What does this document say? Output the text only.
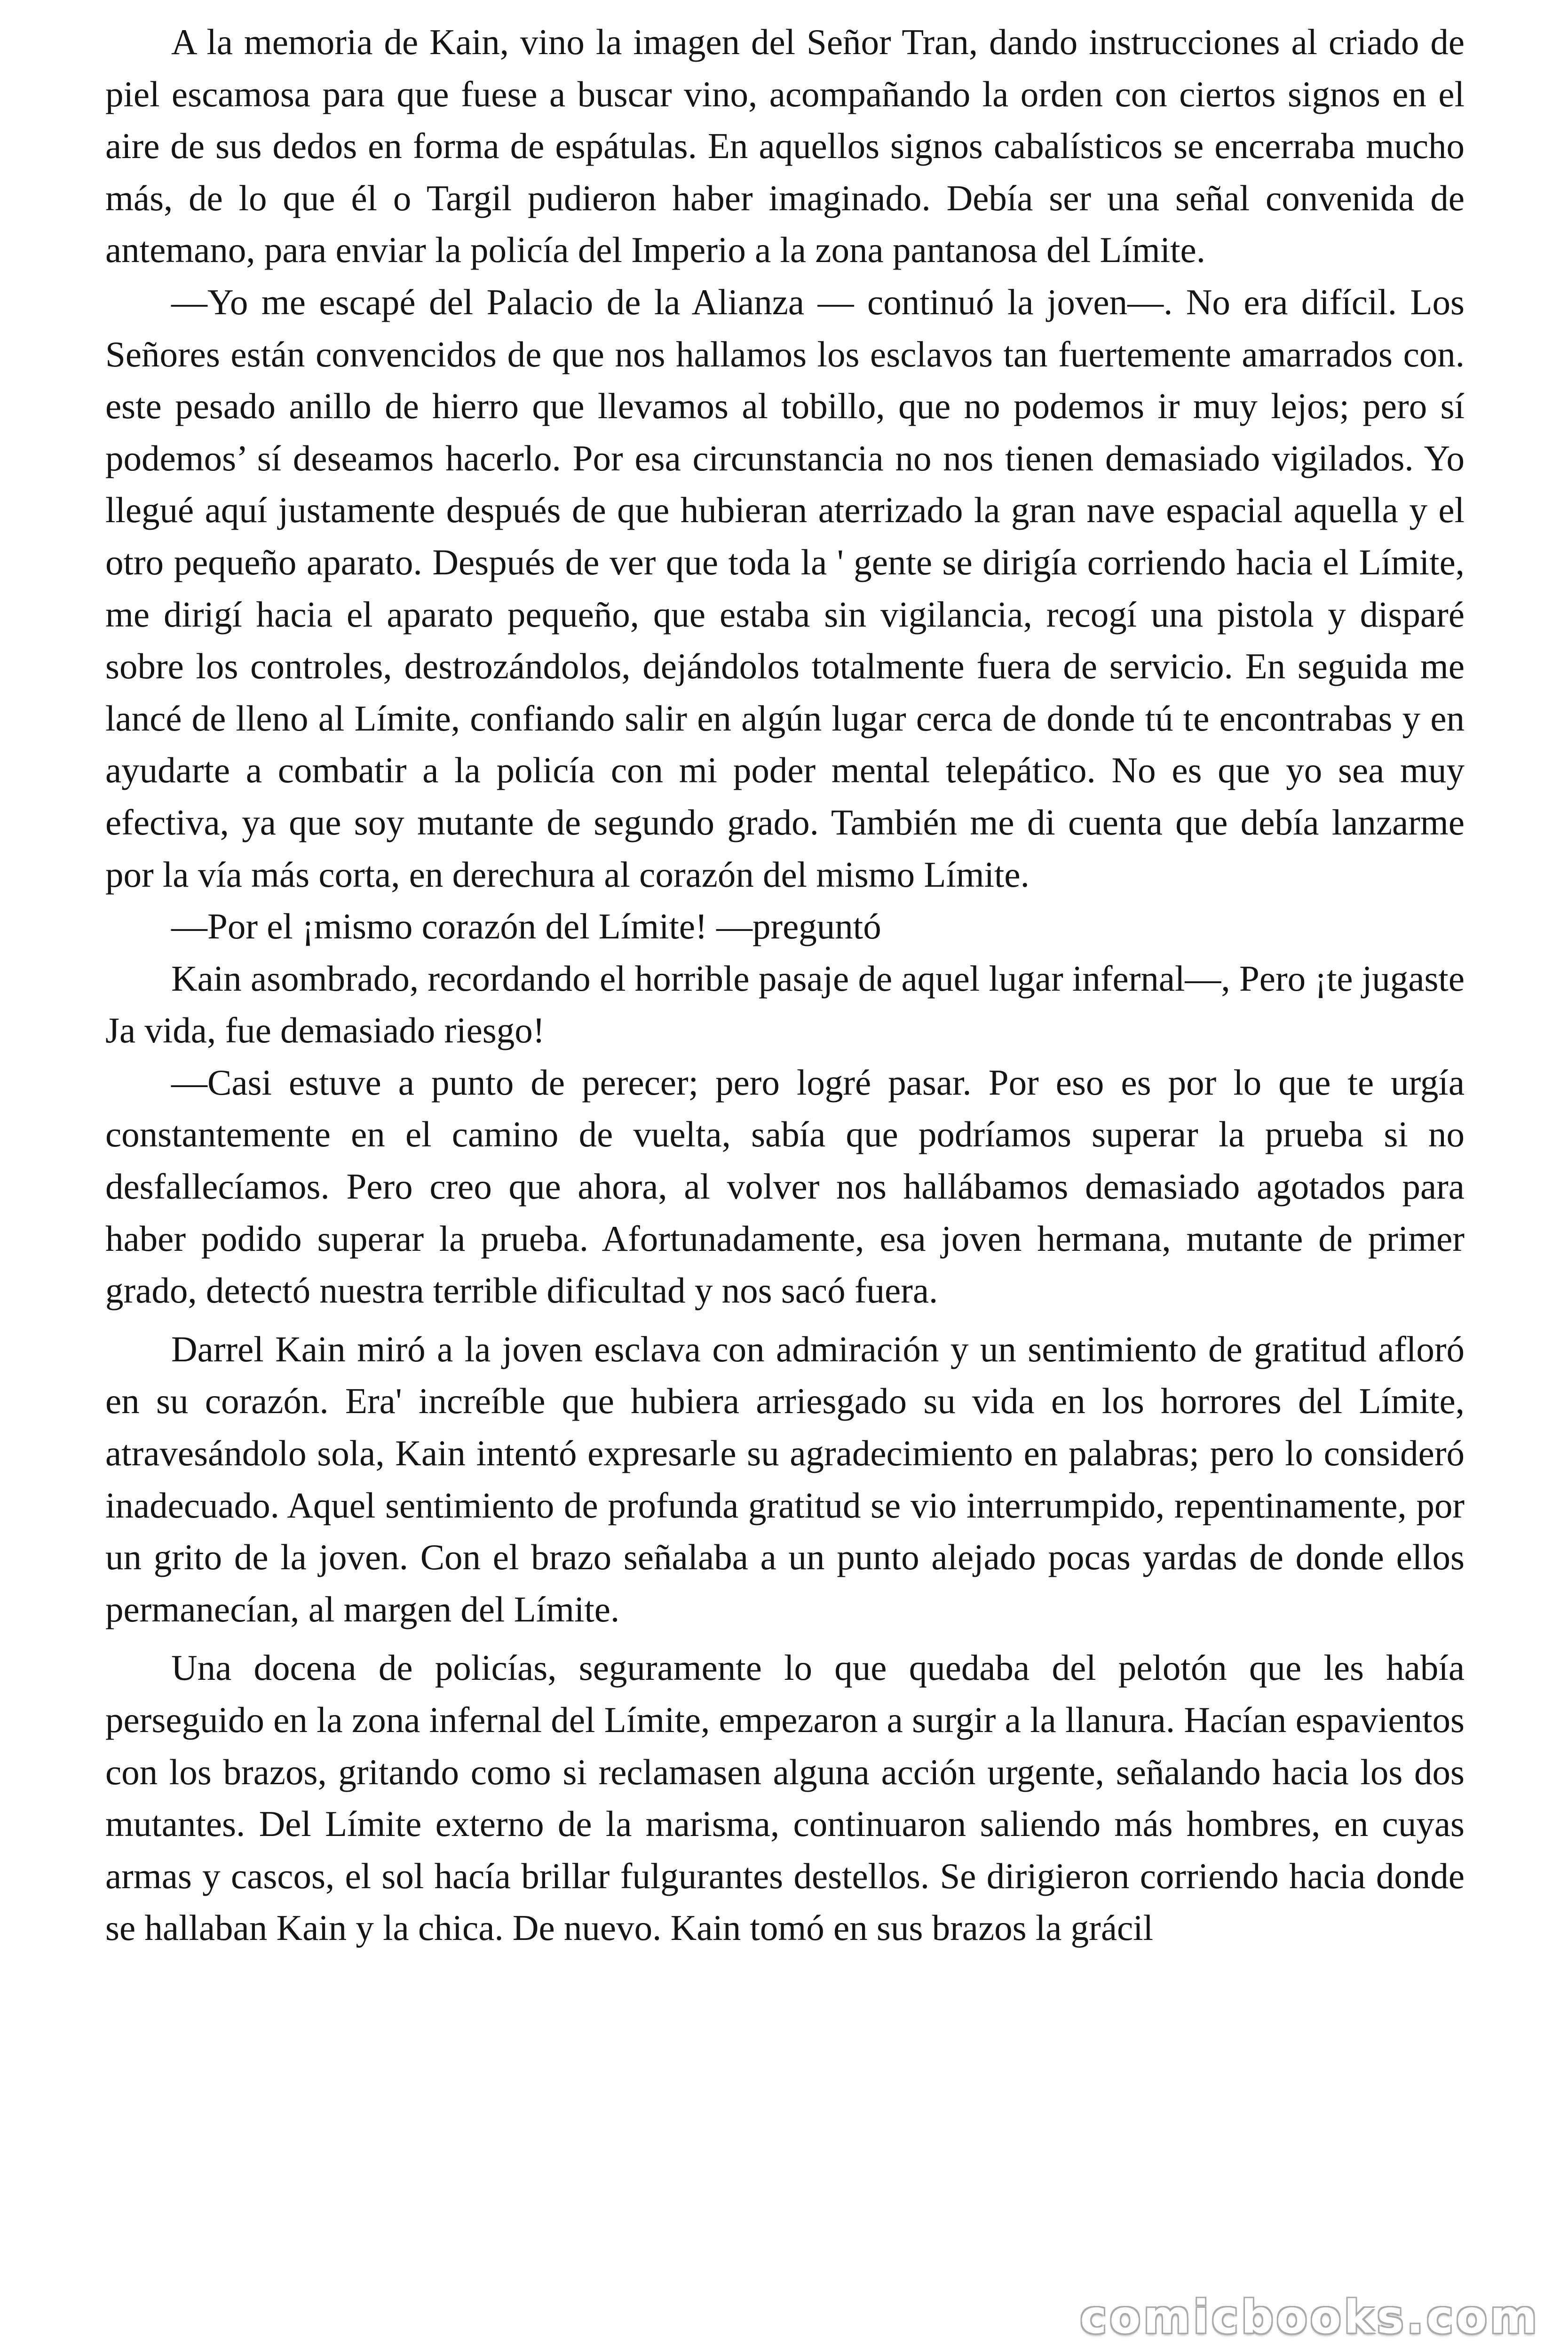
A la memoria de Kain, vino la imagen del Señor Tran, dando instrucciones al criado de piel escamosa para que fuese a buscar vino, acompañando la orden con ciertos signos en el aire de sus dedos en forma de espátulas. En aquellos signos cabalísticos se encerraba mucho más, de lo que él o Targil pudieron haber imaginado. Debía ser una señal convenida de antemano, para enviar la policía del Imperio a la zona pantanosa del Límite.

—Yo me escapé del Palacio de la Alianza — continuó la joven—. No era difícil. Los Señores están convencidos de que nos hallamos los esclavos tan fuertemente amarrados con. este pesado anillo de hierro que llevamos al tobillo, que no podemos ir muy lejos; pero sí podemos’ sí deseamos hacerlo. Por esa circunstancia no nos tienen demasiado vigilados. Yo llegué aquí justamente después de que hubieran aterrizado la gran nave espacial aquella y el otro pequeño aparato. Después de ver que toda la ' gente se dirigía corriendo hacia el Límite, me dirigí hacia el aparato pequeño, que estaba sin vigilancia, recogí una pistola y disparé sobre los controles, destrozándolos, dejándolos totalmente fuera de servicio. En seguida me lancé de lleno al Límite, confiando salir en algún lugar cerca de donde tú te encontrabas y en ayudarte a combatir a la policía con mi poder mental telepático. No es que yo sea muy efectiva, ya que soy mutante de segundo grado. También me di cuenta que debía lanzarme por la vía más corta, en derechura al corazón del mismo Límite.

—Por el ¡mismo corazón del Límite! —preguntó

Kain asombrado, recordando el horrible pasaje de aquel lugar infernal—, Pero ¡te jugaste Ja vida, fue demasiado riesgo!

—Casi estuve a punto de perecer; pero logré pasar. Por eso es por lo que te urgía constantemente en el camino de vuelta, sabía que podríamos superar la prueba si no desfallecíamos. Pero creo que ahora, al volver nos hallábamos demasiado agotados para haber podido superar la prueba. Afortunadamente, esa joven hermana, mutante de primer grado, detectó nuestra terrible dificultad y nos sacó fuera.

Darrel Kain miró a la joven esclava con admiración y un sentimiento de gratitud afloró en su corazón. Era' increíble que hubiera arriesgado su vida en los horrores del Límite, atravesándolo sola, Kain intentó expresarle su agradecimiento en palabras; pero lo consideró inadecuado. Aquel sentimiento de profunda gratitud se vio interrumpido, repentinamente, por un grito de la joven. Con el brazo señalaba a un punto alejado pocas yardas de donde ellos permanecían, al margen del Límite.

Una docena de policías, seguramente lo que quedaba del pelotón que les había perseguido en la zona infernal del Límite, empezaron a surgir a la llanura. Hacían espavientos con los brazos, gritando como si reclamasen alguna acción urgente, señalando hacia los dos mutantes. Del Límite externo de la marisma, continuaron saliendo más hombres, en cuyas armas y cascos, el sol hacía brillar fulgurantes destellos. Se dirigieron corriendo hacia donde se hallaban Kain y la chica. De nuevo. Kain tomó en sus brazos la grácil

comicbooks.com
